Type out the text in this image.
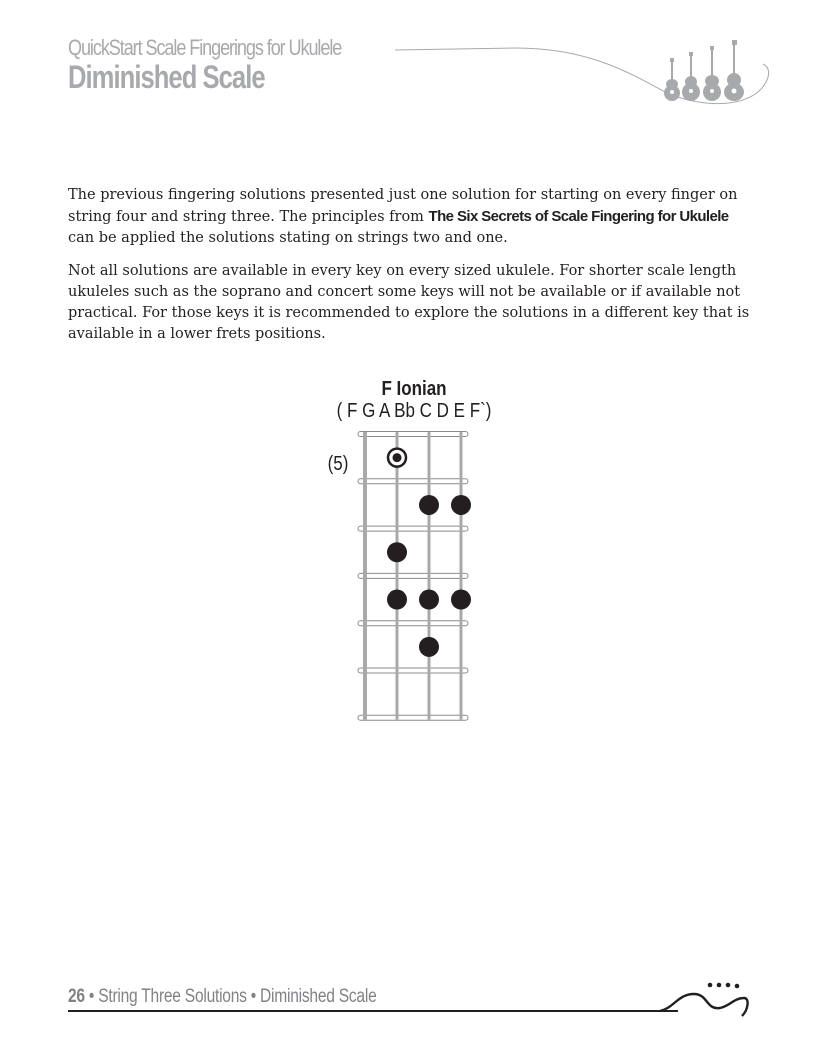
QuickStart Scale Fingerings for Ukulele
Diminished Scale

The previous fingering solutions presented just one solution for starting on every finger on string four and string three. The principles from The Six Secrets of Scale Fingering for Ukulele can be applied the solutions stating on strings two and one.

Not all solutions are available in every key on every sized ukulele. For shorter scale length ukuleles such as the soprano and concert some keys will not be available or if available not practical. For those keys it is recommended to explore the solutions in a different key that is available in a lower frets positions.

F Ionian
( F G A Bb C D E F`)
(5)
26 • String Three Solutions • Diminished Scale
